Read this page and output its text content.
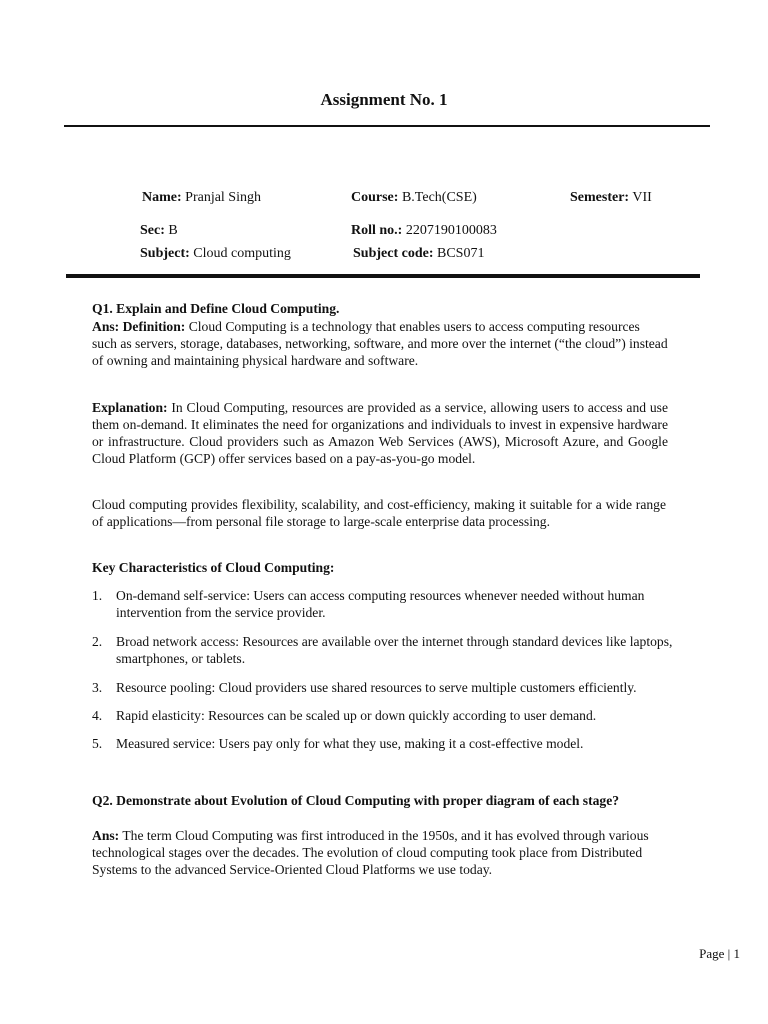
Assignment No. 1
Name: Pranjal Singh	Course: B.Tech(CSE)	Semester: VII
Sec: B	Roll no.: 2207190100083
Subject: Cloud computing	Subject code: BCS071
Q1. Explain and Define Cloud Computing.
Ans: Definition: Cloud Computing is a technology that enables users to access computing resources such as servers, storage, databases, networking, software, and more over the internet (“the cloud”) instead of owning and maintaining physical hardware and software.
Explanation: In Cloud Computing, resources are provided as a service, allowing users to access and use them on-demand. It eliminates the need for organizations and individuals to invest in expensive hardware or infrastructure. Cloud providers such as Amazon Web Services (AWS), Microsoft Azure, and Google Cloud Platform (GCP) offer services based on a pay-as-you-go model.
Cloud computing provides flexibility, scalability, and cost-efficiency, making it suitable for a wide range of applications—from personal file storage to large-scale enterprise data processing.
Key Characteristics of Cloud Computing:
1. On-demand self-service: Users can access computing resources whenever needed without human intervention from the service provider.
2. Broad network access: Resources are available over the internet through standard devices like laptops, smartphones, or tablets.
3. Resource pooling: Cloud providers use shared resources to serve multiple customers efficiently.
4. Rapid elasticity: Resources can be scaled up or down quickly according to user demand.
5. Measured service: Users pay only for what they use, making it a cost-effective model.
Q2. Demonstrate about Evolution of Cloud Computing with proper diagram of each stage?
Ans: The term Cloud Computing was first introduced in the 1950s, and it has evolved through various technological stages over the decades. The evolution of cloud computing took place from Distributed Systems to the advanced Service-Oriented Cloud Platforms we use today.
Page | 1
